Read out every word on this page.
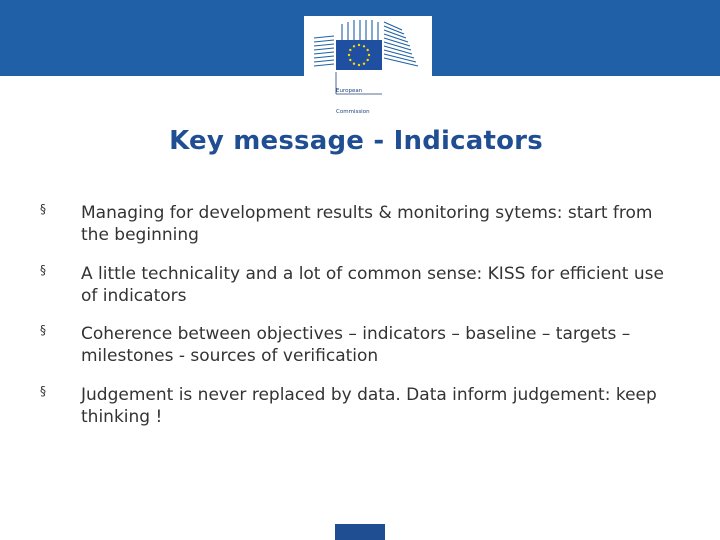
European

Commission

Key message - Indicators
§ Managing for development results & monitoring sytems: start from the beginning
§ A little technicality and a lot of common sense: KISS for efficient use of indicators
§ Coherence between objectives – indicators – baseline – targets –milestones - sources of verification
§ Judgement is never replaced by data. Data inform judgement: keep thinking !
